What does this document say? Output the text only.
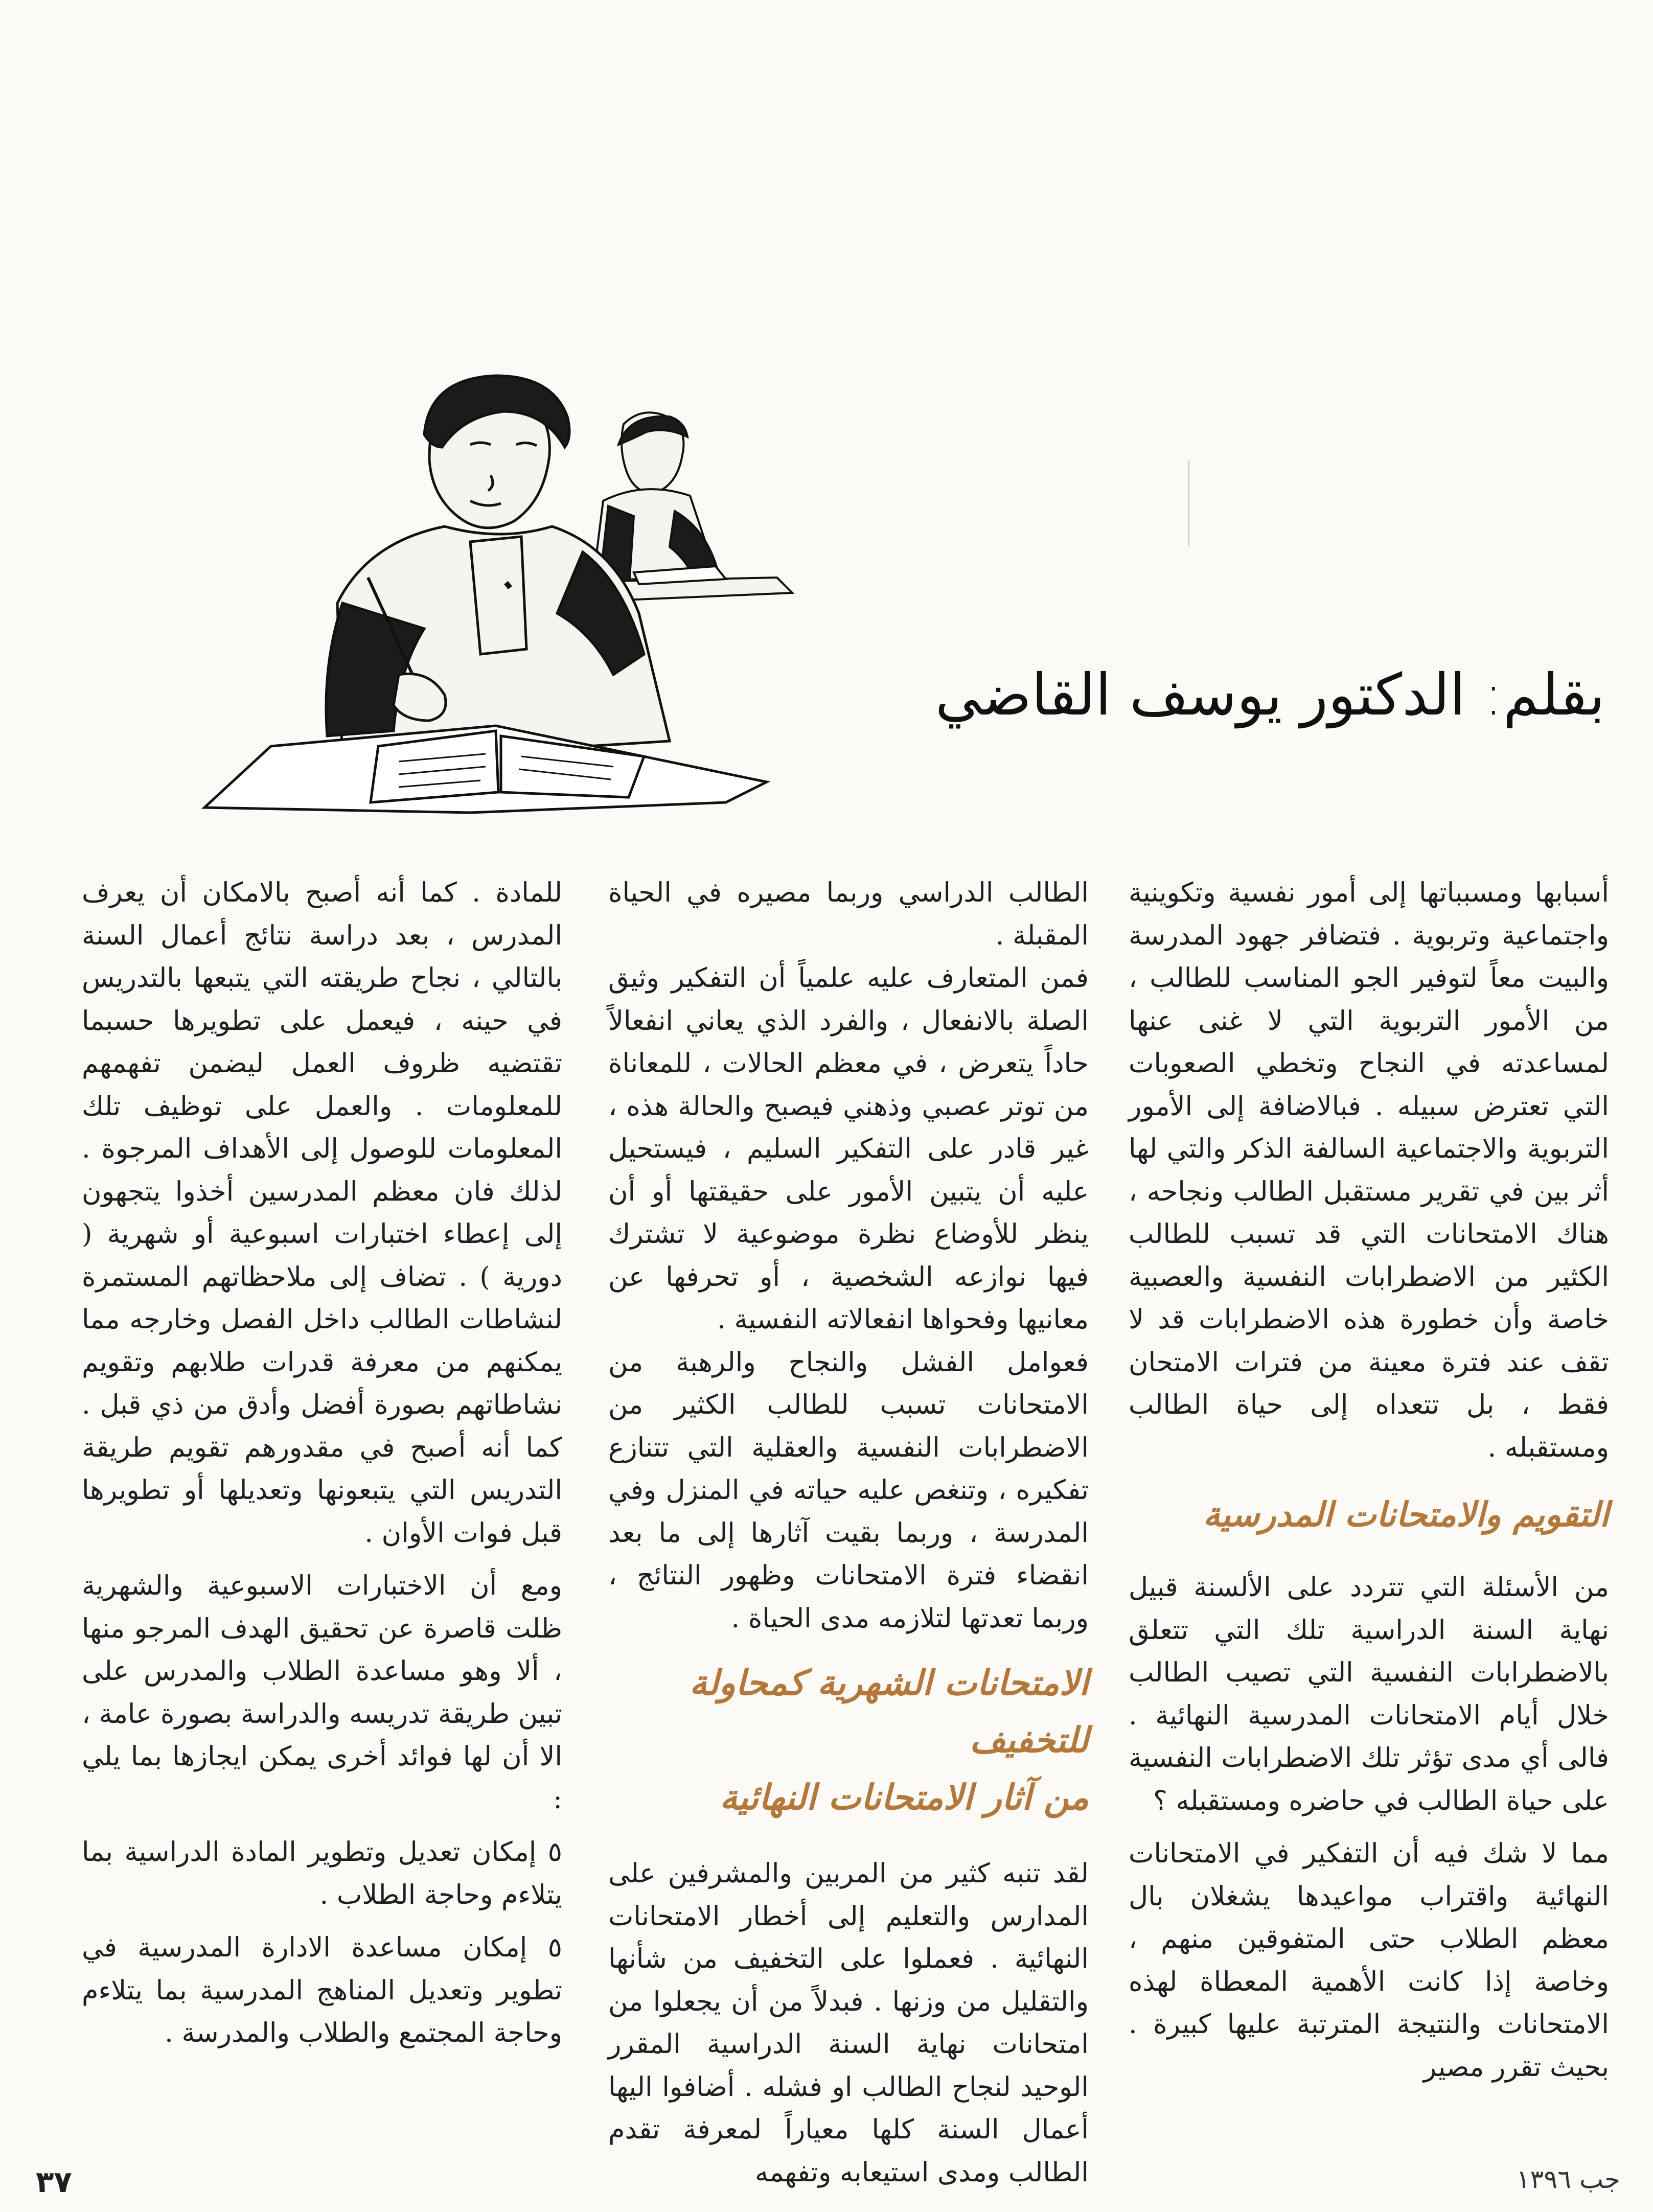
بقلم: الدكتور يوسف القاضي

أسبابها ومسبباتها إلى أمور نفسية وتكوينية واجتماعية وتربوية . فتضافر جهود المدرسة والبيت معاً لتوفير الجو المناسب للطالب ، من الأمور التربوية التي لا غنى عنها لمساعدته في النجاح وتخطي الصعوبات التي تعترض سبيله . فبالاضافة إلى الأمور التربوية والاجتماعية السالفة الذكر والتي لها أثر بين في تقرير مستقبل الطالب ونجاحه ، هناك الامتحانات التي قد تسبب للطالب الكثير من الاضطرابات النفسية والعصبية خاصة وأن خطورة هذه الاضطرابات قد لا تقف عند فترة معينة من فترات الامتحان فقط ، بل تتعداه إلى حياة الطالب ومستقبله .

التقويم والامتحانات المدرسية

من الأسئلة التي تتردد على الألسنة قبيل نهاية السنة الدراسية تلك التي تتعلق بالاضطرابات النفسية التي تصيب الطالب خلال أيام الامتحانات المدرسية النهائية . فالى أي مدى تؤثر تلك الاضطرابات النفسية على حياة الطالب في حاضره ومستقبله ؟

مما لا شك فيه أن التفكير في الامتحانات النهائية واقتراب مواعيدها يشغلان بال معظم الطلاب حتى المتفوقين منهم ، وخاصة إذا كانت الأهمية المعطاة لهذه الامتحانات والنتيجة المترتبة عليها كبيرة . بحيث تقرر مصير

الطالب الدراسي وربما مصيره في الحياة المقبلة .

فمن المتعارف عليه علمياً أن التفكير وثيق الصلة بالانفعال ، والفرد الذي يعاني انفعالاً حاداً يتعرض ، في معظم الحالات ، للمعاناة من توتر عصبي وذهني فيصبح والحالة هذه ، غير قادر على التفكير السليم ، فيستحيل عليه أن يتبين الأمور على حقيقتها أو أن ينظر للأوضاع نظرة موضوعية لا تشترك فيها نوازعه الشخصية ، أو تحرفها عن معانيها وفحواها انفعالاته النفسية .

فعوامل الفشل والنجاح والرهبة من الامتحانات تسبب للطالب الكثير من الاضطرابات النفسية والعقلية التي تتنازع تفكيره ، وتنغص عليه حياته في المنزل وفي المدرسة ، وربما بقيت آثارها إلى ما بعد انقضاء فترة الامتحانات وظهور النتائج ، وربما تعدتها لتلازمه مدى الحياة .

الامتحانات الشهرية كمحاولة للتخفيف
من آثار الامتحانات النهائية

لقد تنبه كثير من المربين والمشرفين على المدارس والتعليم إلى أخطار الامتحانات النهائية . فعملوا على التخفيف من شأنها والتقليل من وزنها . فبدلاً من أن يجعلوا من امتحانات نهاية السنة الدراسية المقرر الوحيد لنجاح الطالب او فشله . أضافوا اليها أعمال السنة كلها معياراً لمعرفة تقدم الطالب ومدى استيعابه وتفهمه

للمادة . كما أنه أصبح بالامكان أن يعرف المدرس ، بعد دراسة نتائج أعمال السنة بالتالي ، نجاح طريقته التي يتبعها بالتدريس في حينه ، فيعمل على تطويرها حسبما تقتضيه ظروف العمل ليضمن تفهمهم للمعلومات . والعمل على توظيف تلك المعلومات للوصول إلى الأهداف المرجوة . لذلك فان معظم المدرسين أخذوا يتجهون إلى إعطاء اختبارات اسبوعية أو شهرية ( دورية ) . تضاف إلى ملاحظاتهم المستمرة لنشاطات الطالب داخل الفصل وخارجه مما يمكنهم من معرفة قدرات طلابهم وتقويم نشاطاتهم بصورة أفضل وأدق من ذي قبل . كما أنه أصبح في مقدورهم تقويم طريقة التدريس التي يتبعونها وتعديلها أو تطويرها قبل فوات الأوان .

ومع أن الاختبارات الاسبوعية والشهرية ظلت قاصرة عن تحقيق الهدف المرجو منها ، ألا وهو مساعدة الطلاب والمدرس على تبين طريقة تدريسه والدراسة بصورة عامة ، الا أن لها فوائد أخرى يمكن ايجازها بما يلي :

٥ إمكان تعديل وتطوير المادة الدراسية بما يتلاءم وحاجة الطلاب .

٥ إمكان مساعدة الادارة المدرسية في تطوير وتعديل المناهج المدرسية بما يتلاءم وحاجة المجتمع والطلاب والمدرسة .

٣٧	جب ١٣٩٦
